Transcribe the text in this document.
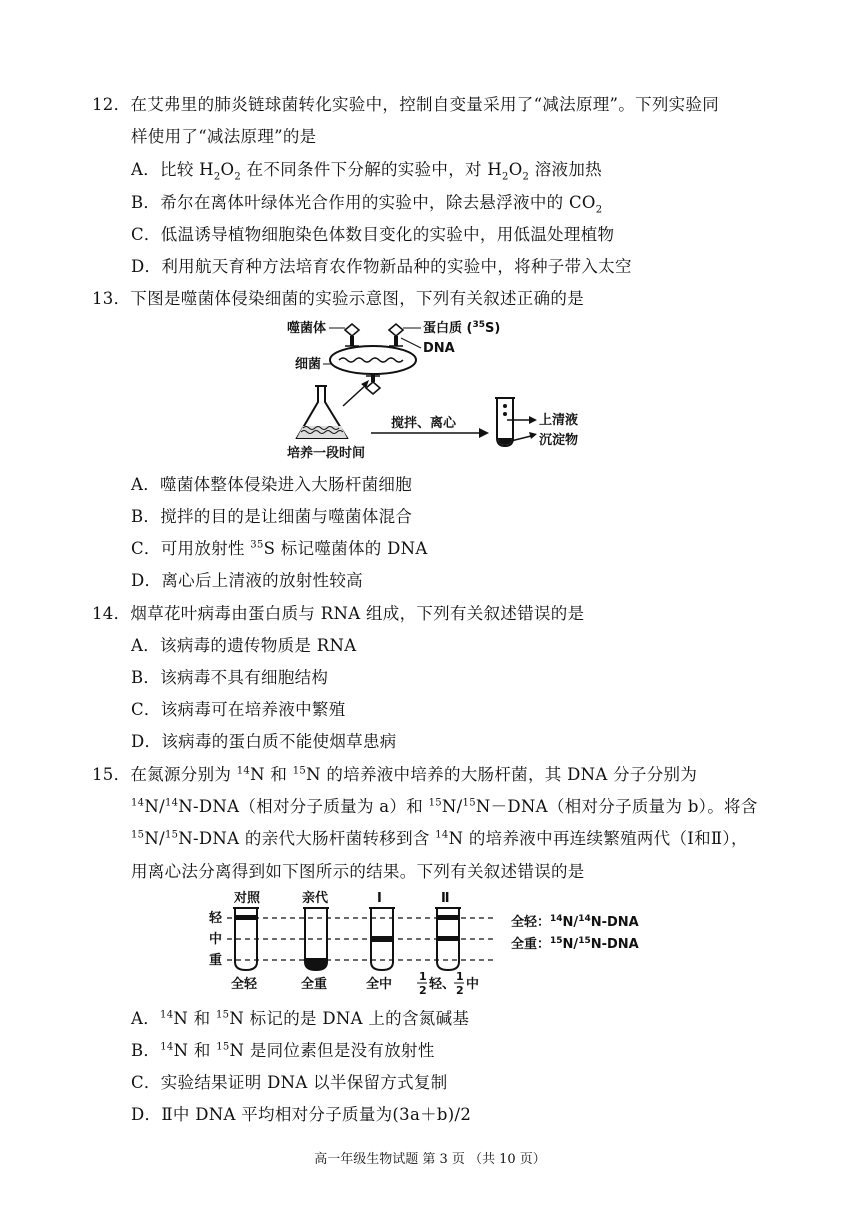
12．在艾弗里的肺炎链球菌转化实验中，控制自变量采用了“减法原理”。下列实验同
样使用了“减法原理”的是
A．比较 $H_2O_2$ 在不同条件下分解的实验中，对 $H_2O_2$ 溶液加热
B．希尔在离体叶绿体光合作用的实验中，除去悬浮液中的 $CO_2$
C．低温诱导植物细胞染色体数目变化的实验中，用低温处理植物
D．利用航天育种方法培育农作物新品种的实验中，将种子带入太空
13．下图是噬菌体侵染细菌的实验示意图，下列有关叙述正确的是
噬菌体	蛋白质 ($^{35}$S)
DNA
细菌
培养一段时间
搅拌、离心	上清液
沉淀物
A．噬菌体整体侵染进入大肠杆菌细胞
B．搅拌的目的是让细菌与噬菌体混合
C．可用放射性 $^{35}$S 标记噬菌体的 DNA
D．离心后上清液的放射性较高
14．烟草花叶病毒由蛋白质与 RNA 组成，下列有关叙述错误的是
A．该病毒的遗传物质是 RNA
B．该病毒不具有细胞结构
C．该病毒可在培养液中繁殖
D．该病毒的蛋白质不能使烟草患病
15．在氮源分别为 $^{14}$N 和 $^{15}$N 的培养液中培养的大肠杆菌，其 DNA 分子分别为
$^{14}$N/$^{14}$N-DNA（相对分子质量为 a）和 $^{15}$N/$^{15}$N－DNA（相对分子质量为 b）。将含
$^{15}$N/$^{15}$N-DNA 的亲代大肠杆菌转移到含 $^{14}$N 的培养液中再连续繁殖两代（Ⅰ和Ⅱ），
用离心法分离得到如下图所示的结果。下列有关叙述错误的是
轻
中
重
对照
全轻
亲代
全重
Ⅰ
全中
Ⅱ
1
2 轻、
1
2 中
全轻：$^{14}$N/$^{14}$N-DNA
全重：$^{15}$N/$^{15}$N-DNA
A．$^{14}$N 和 $^{15}$N 标记的是 DNA 上的含氮碱基
B．$^{14}$N 和 $^{15}$N 是同位素但是没有放射性
C．实验结果证明 DNA 以半保留方式复制
D．Ⅱ中 DNA 平均相对分子质量为(3a＋b)/2
高一年级生物试题 第 3 页 （共 10 页）
